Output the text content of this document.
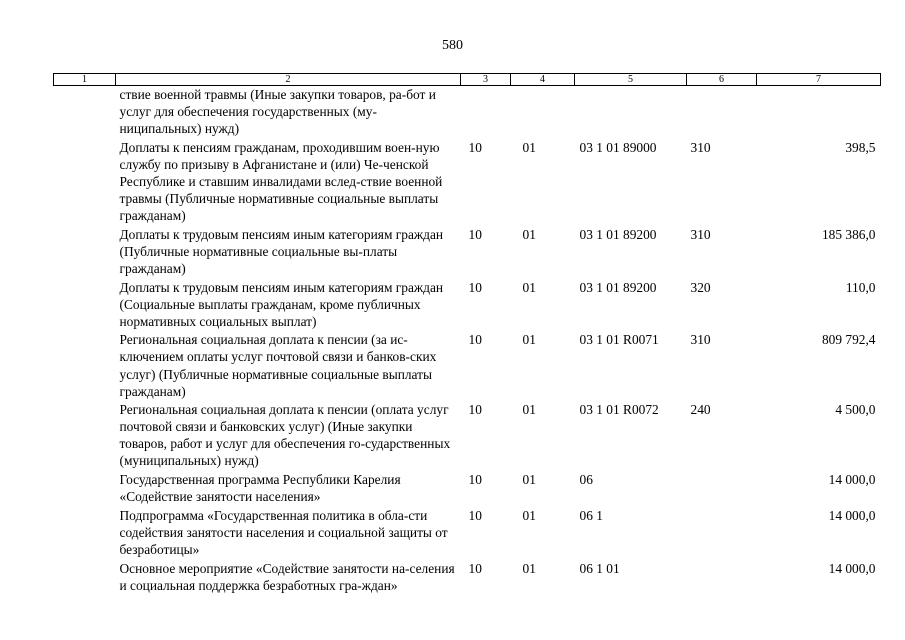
580
1	2	3	4	5	6	7
	ствие военной травмы (Иные закупки товаров, ра-бот и услуг для обеспечения государственных (му-ниципальных) нужд)					
	Доплаты к пенсиям гражданам, проходившим воен-ную службу по призыву в Афганистане и (или) Че-ченской Республике и ставшим инвалидами вслед-ствие военной травмы (Публичные нормативные социальные выплаты гражданам)	10	01	03 1 01 89000	310	398,5
	Доплаты к трудовым пенсиям иным категориям граждан (Публичные нормативные социальные вы-платы гражданам)	10	01	03 1 01 89200	310	185 386,0
	Доплаты к трудовым пенсиям иным категориям граждан (Социальные выплаты гражданам, кроме публичных нормативных социальных выплат)	10	01	03 1 01 89200	320	110,0
	Региональная социальная доплата к пенсии (за ис-ключением оплаты услуг почтовой связи и банков-ских услуг) (Публичные нормативные социальные выплаты гражданам)	10	01	03 1 01 R0071	310	809 792,4
	Региональная социальная доплата к пенсии (оплата услуг почтовой связи и банковских услуг) (Иные закупки товаров, работ и услуг для обеспечения го-сударственных (муниципальных) нужд)	10	01	03 1 01 R0072	240	4 500,0
	Государственная программа Республики Карелия «Содействие занятости населения»	10	01	06		14 000,0
	Подпрограмма «Государственная политика в обла-сти содействия занятости населения и социальной защиты от безработицы»	10	01	06 1		14 000,0
	Основное мероприятие «Содействие занятости на-селения и социальная поддержка безработных гра-ждан»	10	01	06 1 01		14 000,0
